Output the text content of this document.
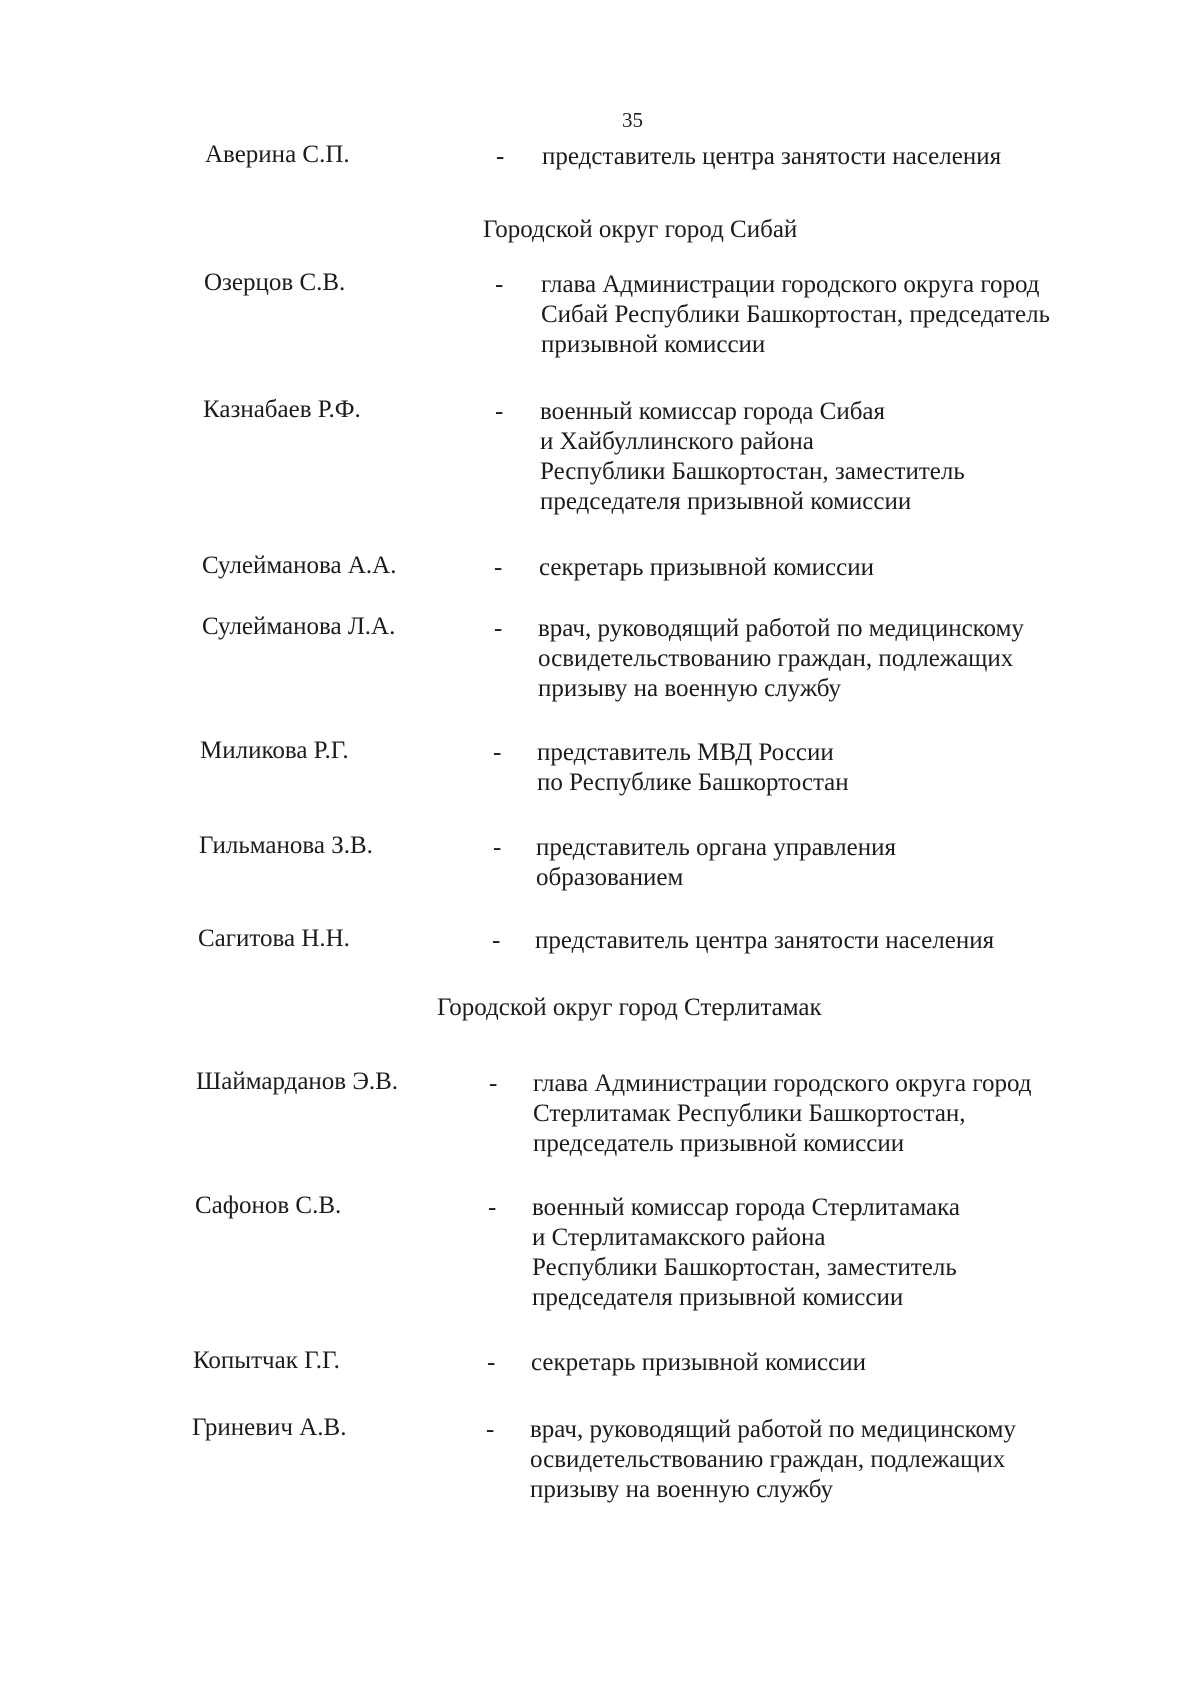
35
Аверина С.П.	- представитель центра занятости населения
Городской округ город Сибай
Озерцов С.В.	- глава Администрации городского округа город
Сибай Республики Башкортостан, председатель
призывной комиссии
Казнабаев Р.Ф.	- военный комиссар города Сибая
и Хайбуллинского района
Республики Башкортостан, заместитель
председателя призывной комиссии
Сулейманова А.А.	- секретарь призывной комиссии
Сулейманова Л.А.	- врач, руководящий работой по медицинскому
освидетельствованию граждан, подлежащих
призыву на военную службу
Миликова Р.Г.	- представитель МВД России
по Республике Башкортостан
Гильманова З.В.	- представитель органа управления
образованием
Сагитова Н.Н.	- представитель центра занятости населения
Городской округ город Стерлитамак
Шаймарданов Э.В.	- глава Администрации городского округа город
Стерлитамак Республики Башкортостан,
председатель призывной комиссии
Сафонов С.В.	- военный комиссар города Стерлитамака
и Стерлитамакского района
Республики Башкортостан, заместитель
председателя призывной комиссии
Копытчак Г.Г.	- секретарь призывной комиссии
Гриневич А.В.	- врач, руководящий работой по медицинскому
освидетельствованию граждан, подлежащих
призыву на военную службу
